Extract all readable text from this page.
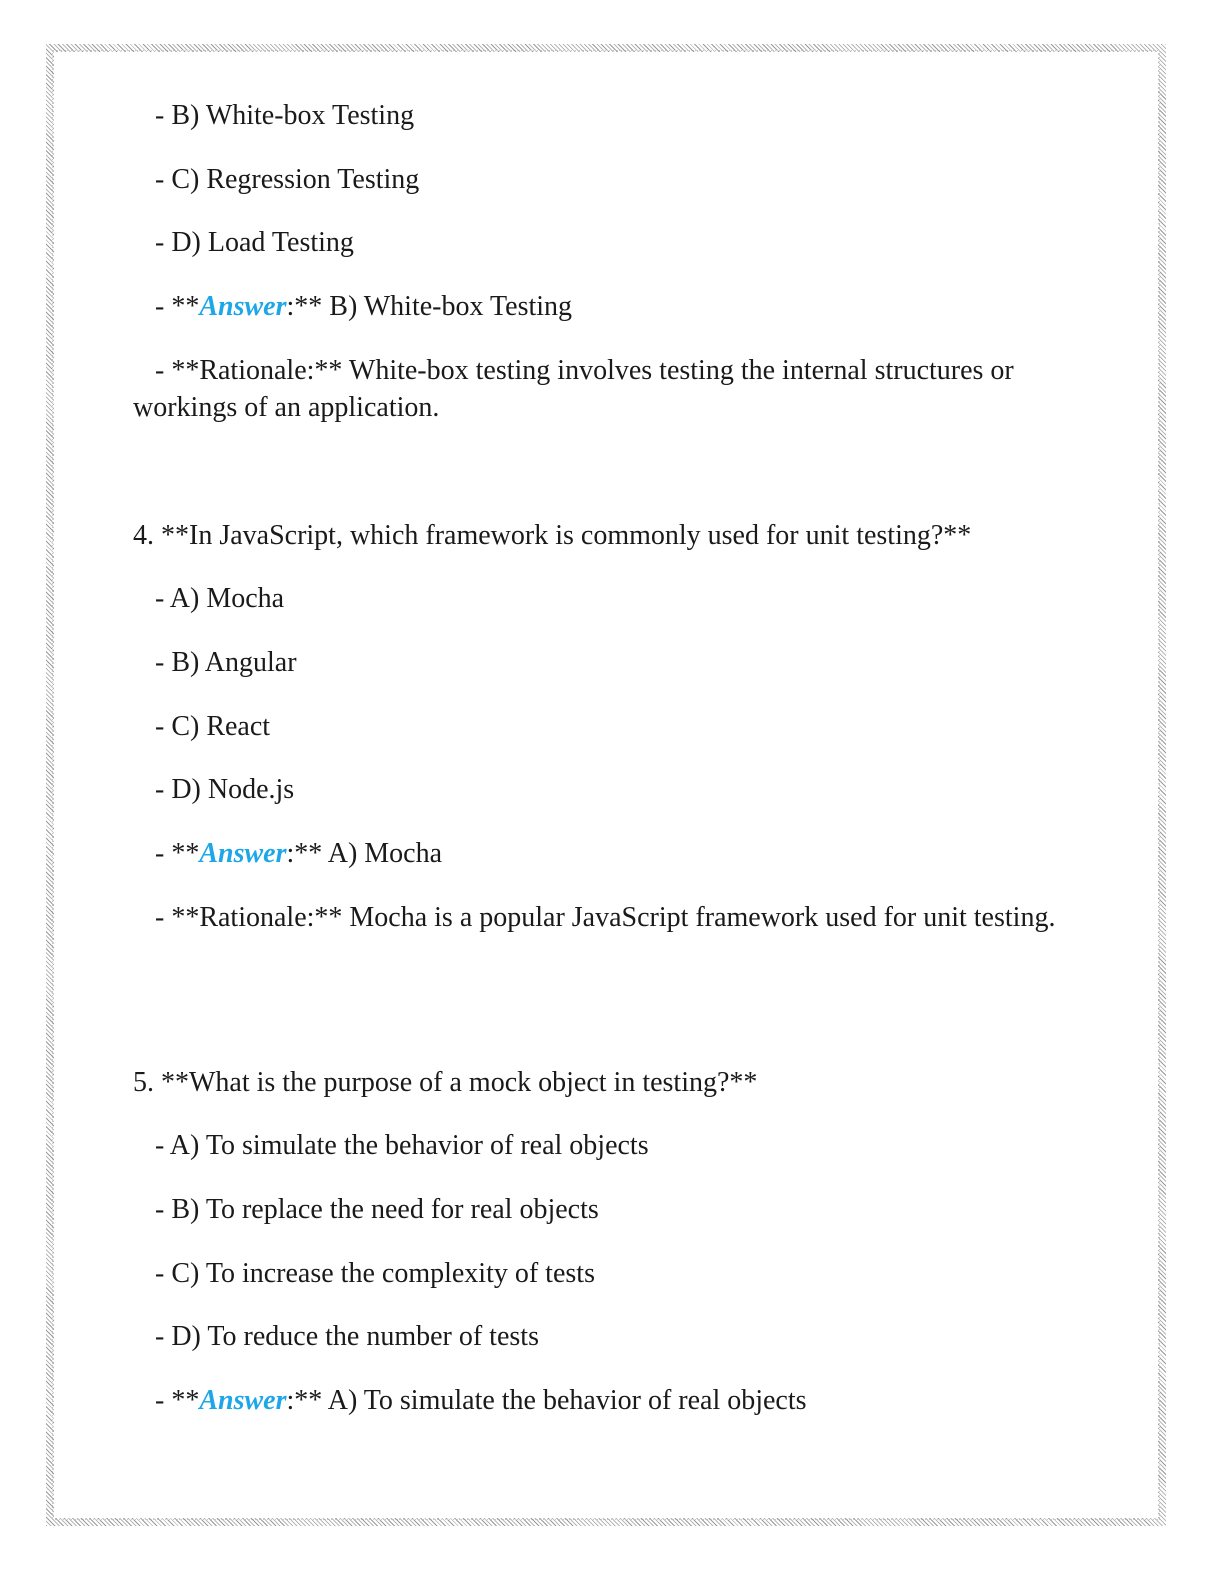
- B) White-box Testing
- C) Regression Testing
- D) Load Testing
- **Answer:** B) White-box Testing
- **Rationale:** White-box testing involves testing the internal structures or workings of an application.
4. **In JavaScript, which framework is commonly used for unit testing?**
- A) Mocha
- B) Angular
- C) React
- D) Node.js
- **Answer:** A) Mocha
- **Rationale:** Mocha is a popular JavaScript framework used for unit testing.
5. **What is the purpose of a mock object in testing?**
- A) To simulate the behavior of real objects
- B) To replace the need for real objects
- C) To increase the complexity of tests
- D) To reduce the number of tests
- **Answer:** A) To simulate the behavior of real objects
